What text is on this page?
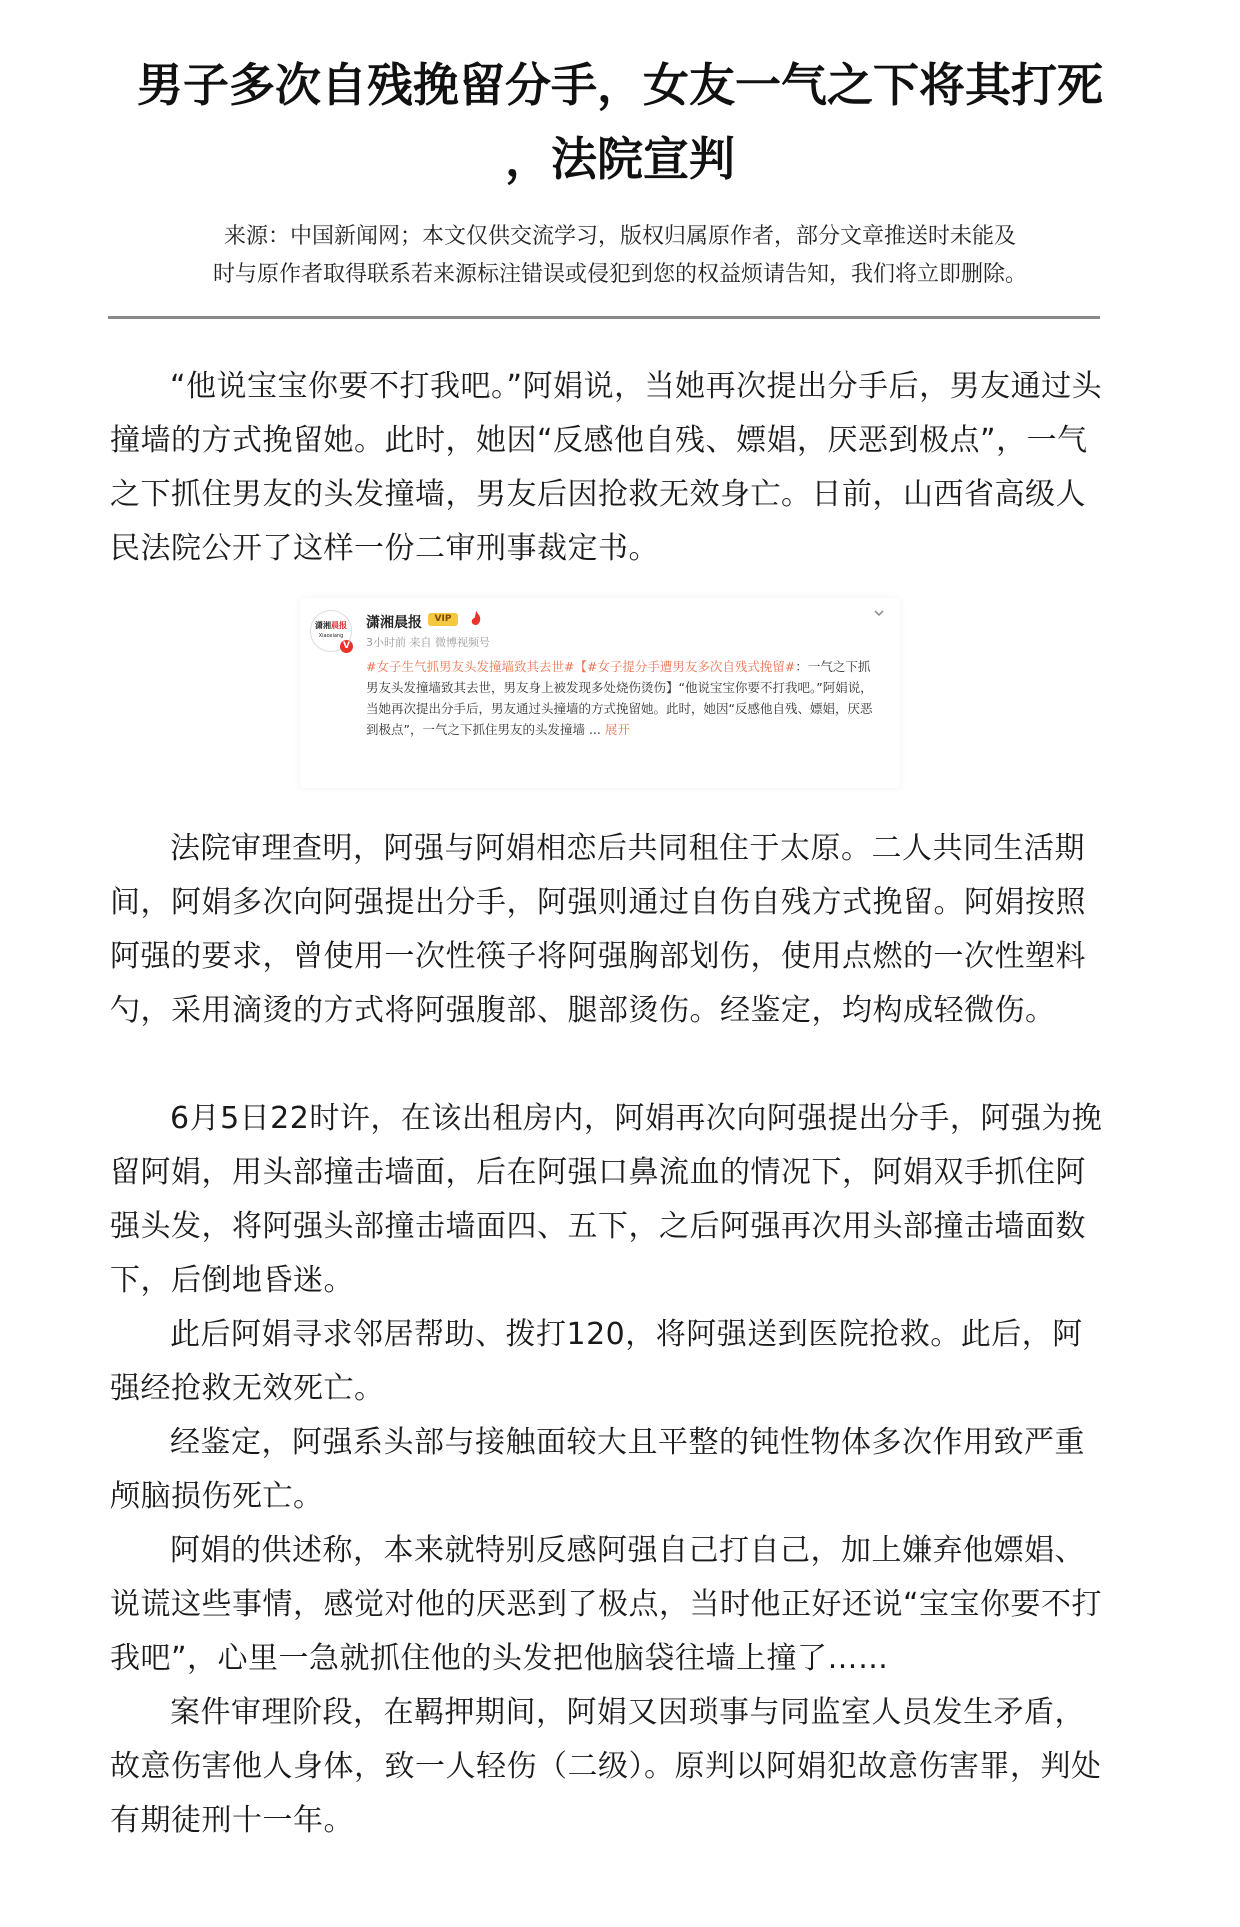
男子多次自残挽留分手，女友一气之下将其打死
，法院宣判
来源：中国新闻网；本文仅供交流学习，版权归属原作者，部分文章推送时未能及
时与原作者取得联系若来源标注错误或侵犯到您的权益烦请告知，我们将立即删除。

“他说宝宝你要不打我吧。”阿娟说，当她再次提出分手后，男友通过头撞墙的方式挽留她。此时，她因“反感他自残、嫖娼，厌恶到极点”，一气之下抓住男友的头发撞墙，男友后因抢救无效身亡。日前，山西省高级人民法院公开了这样一份二审刑事裁定书。

潇湘晨报
Xiaoxiang
V
潇湘晨报	VIP
3小时前 来自 微博视频号
#女子生气抓男友头发撞墙致其去世#【#女子提分手遭男友多次自残式挽留#：一气之下抓男友头发撞墙致其去世，男友身上被发现多处烧伤烫伤】“他说宝宝你要不打我吧。”阿娟说，当她再次提出分手后，男友通过头撞墙的方式挽留她。此时，她因“反感他自残、嫖娼，厌恶到极点”，一气之下抓住男友的头发撞墙 ... 展开

法院审理查明，阿强与阿娟相恋后共同租住于太原。二人共同生活期间，阿娟多次向阿强提出分手，阿强则通过自伤自残方式挽留。阿娟按照阿强的要求，曾使用一次性筷子将阿强胸部划伤，使用点燃的一次性塑料勺，采用滴烫的方式将阿强腹部、腿部烫伤。经鉴定，均构成轻微伤。

6月5日22时许，在该出租房内，阿娟再次向阿强提出分手，阿强为挽留阿娟，用头部撞击墙面，后在阿强口鼻流血的情况下，阿娟双手抓住阿强头发，将阿强头部撞击墙面四、五下，之后阿强再次用头部撞击墙面数下，后倒地昏迷。

此后阿娟寻求邻居帮助、拨打120，将阿强送到医院抢救。此后，阿强经抢救无效死亡。

经鉴定，阿强系头部与接触面较大且平整的钝性物体多次作用致严重颅脑损伤死亡。

阿娟的供述称，本来就特别反感阿强自己打自己，加上嫌弃他嫖娼、说谎这些事情，感觉对他的厌恶到了极点，当时他正好还说“宝宝你要不打我吧”，心里一急就抓住他的头发把他脑袋往墙上撞了……

案件审理阶段，在羁押期间，阿娟又因琐事与同监室人员发生矛盾，故意伤害他人身体，致一人轻伤（二级）。原判以阿娟犯故意伤害罪，判处有期徒刑十一年。
